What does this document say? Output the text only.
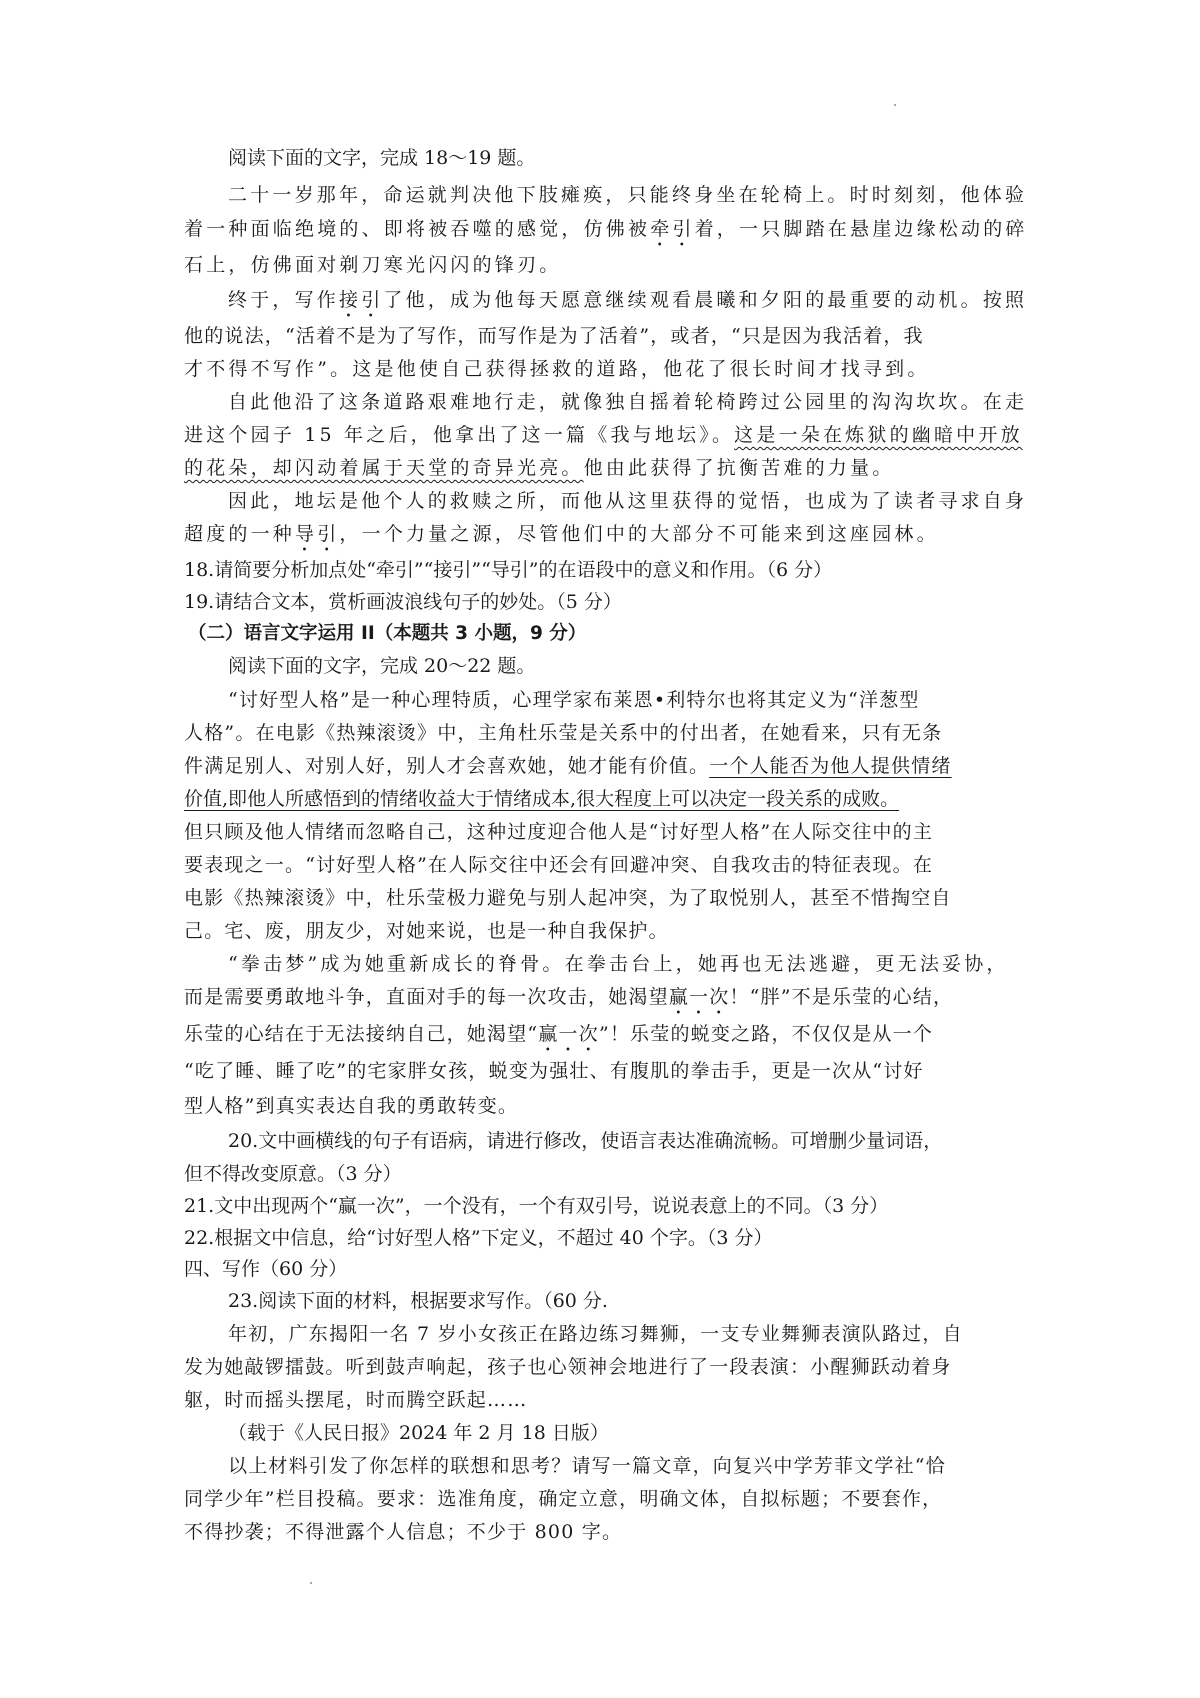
阅读下面的文字，完成 18～19 题。
二十一岁那年，命运就判决他下肢瘫痪，只能终身坐在轮椅上。时时刻刻，他体验
着一种面临绝境的、即将被吞噬的感觉，仿佛被牵引着，一只脚踏在悬崖边缘松动的碎
石上，仿佛面对剃刀寒光闪闪的锋刃。
终于，写作接引了他，成为他每天愿意继续观看晨曦和夕阳的最重要的动机。按照
他的说法，“活着不是为了写作，而写作是为了活着”，或者，“只是因为我活着，我
才不得不写作”。这是他使自己获得拯救的道路，他花了很长时间才找寻到。
自此他沿了这条道路艰难地行走，就像独自摇着轮椅跨过公园里的沟沟坎坎。在走
进这个园子 15 年之后，他拿出了这一篇《我与地坛》。这是一朵在炼狱的幽暗中开放
的花朵，却闪动着属于天堂的奇异光亮。他由此获得了抗衡苦难的力量。
因此，地坛是他个人的救赎之所，而他从这里获得的觉悟，也成为了读者寻求自身
超度的一种导引，一个力量之源，尽管他们中的大部分不可能来到这座园林。
18.请简要分析加点处“牵引”“接引”“导引”的在语段中的意义和作用。（6 分）
19.请结合文本，赏析画波浪线句子的妙处。（5 分）
（二）语言文字运用 II（本题共 3 小题，9 分）
阅读下面的文字，完成 20～22 题。
“讨好型人格”是一种心理特质，心理学家布莱恩•利特尔也将其定义为“洋葱型
人格”。在电影《热辣滚烫》中，主角杜乐莹是关系中的付出者，在她看来，只有无条
件满足别人、对别人好，别人才会喜欢她，她才能有价值。一个人能否为他人提供情绪
价值,即他人所感悟到的情绪收益大于情绪成本,很大程度上可以决定一段关系的成败。
但只顾及他人情绪而忽略自己，这种过度迎合他人是“讨好型人格”在人际交往中的主
要表现之一。“讨好型人格”在人际交往中还会有回避冲突、自我攻击的特征表现。在
电影《热辣滚烫》中，杜乐莹极力避免与别人起冲突，为了取悦别人，甚至不惜掏空自
己。宅、废，朋友少，对她来说，也是一种自我保护。
“拳击梦”成为她重新成长的脊骨。在拳击台上，她再也无法逃避，更无法妥协，
而是需要勇敢地斗争，直面对手的每一次攻击，她渴望赢一次！“胖”不是乐莹的心结，
乐莹的心结在于无法接纳自己，她渴望“赢一次”！乐莹的蜕变之路，不仅仅是从一个
“吃了睡、睡了吃”的宅家胖女孩，蜕变为强壮、有腹肌的拳击手，更是一次从“讨好
型人格”到真实表达自我的勇敢转变。
20.文中画横线的句子有语病，请进行修改，使语言表达准确流畅。可增删少量词语，
但不得改变原意。（3 分）
21.文中出现两个“赢一次”，一个没有，一个有双引号，说说表意上的不同。（3 分）
22.根据文中信息，给“讨好型人格”下定义，不超过 40 个字。（3 分）
四、写作（60 分）
23.阅读下面的材料，根据要求写作。（60 分.
年初，广东揭阳一名 7 岁小女孩正在路边练习舞狮，一支专业舞狮表演队路过，自
发为她敲锣擂鼓。听到鼓声响起，孩子也心领神会地进行了一段表演：小醒狮跃动着身
躯，时而摇头摆尾，时而腾空跃起……
（载于《人民日报》2024 年 2 月 18 日版）
以上材料引发了你怎样的联想和思考？请写一篇文章，向复兴中学芳菲文学社“恰
同学少年”栏目投稿。要求：选准角度，确定立意，明确文体，自拟标题；不要套作，
不得抄袭；不得泄露个人信息；不少于 800 字。
